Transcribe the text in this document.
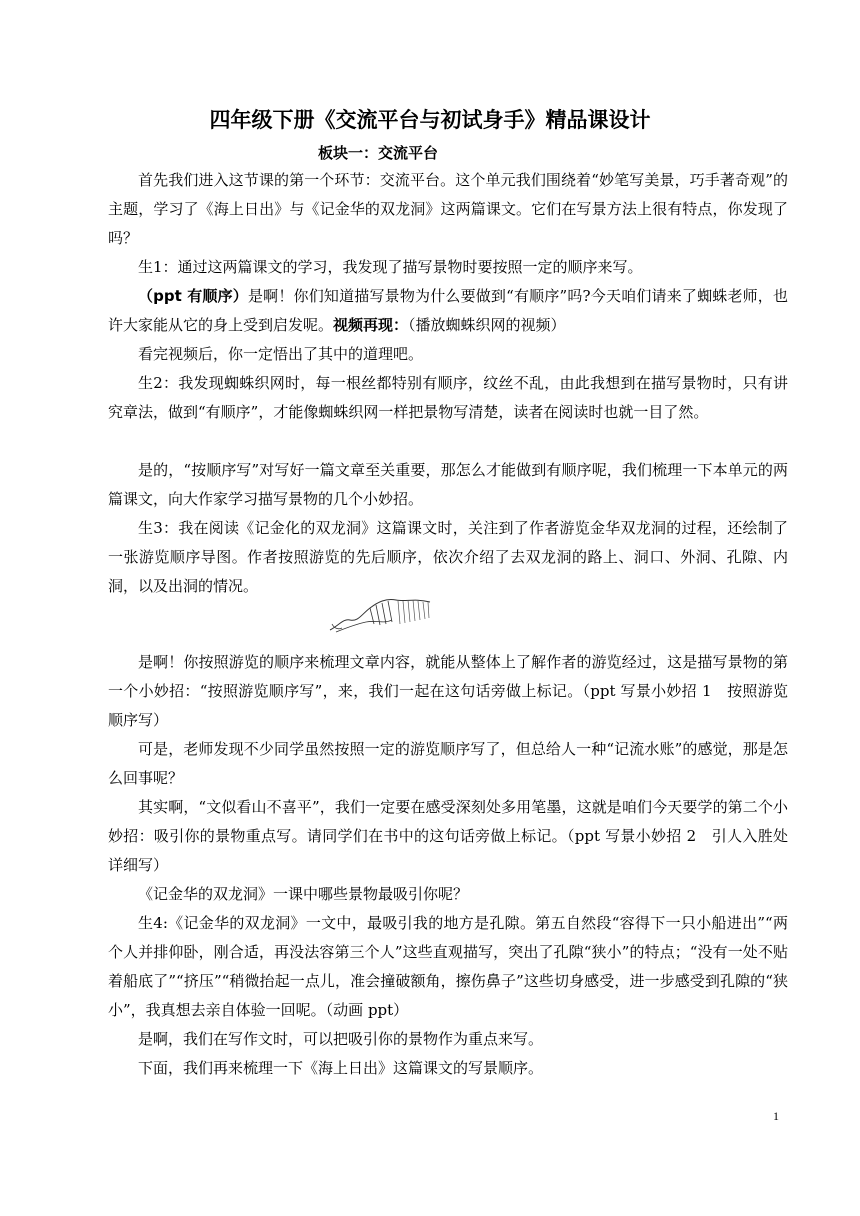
四年级下册《交流平台与初试身手》精品课设计
板块一：交流平台

首先我们进入这节课的第一个环节：交流平台。这个单元我们围绕着“妙笔写美景，巧手著奇观”的主题，学习了《海上日出》与《记金华的双龙洞》这两篇课文。它们在写景方法上很有特点，你发现了吗？

生1：通过这两篇课文的学习，我发现了描写景物时要按照一定的顺序来写。

（ppt 有顺序）是啊！你们知道描写景物为什么要做到“有顺序”吗?今天咱们请来了蜘蛛老师，也许大家能从它的身上受到启发呢。视频再现：（播放蜘蛛织网的视频）

看完视频后，你一定悟出了其中的道理吧。

生2：我发现蜘蛛织网时，每一根丝都特别有顺序，纹丝不乱，由此我想到在描写景物时，只有讲究章法，做到“有顺序”，才能像蜘蛛织网一样把景物写清楚，读者在阅读时也就一目了然。

是的，“按顺序写”对写好一篇文章至关重要，那怎么才能做到有顺序呢，我们梳理一下本单元的两篇课文，向大作家学习描写景物的几个小妙招。

生3：我在阅读《记金化的双龙洞》这篇课文时，关注到了作者游览金华双龙洞的过程，还绘制了一张游览顺序导图。作者按照游览的先后顺序，依次介绍了去双龙洞的路上、洞口、外洞、孔隙、内洞，以及出洞的情况。

是啊！你按照游览的顺序来梳理文章内容，就能从整体上了解作者的游览经过，这是描写景物的第一个小妙招：“按照游览顺序写”，来，我们一起在这句话旁做上标记。（ppt 写景小妙招 1　按照游览顺序写）

可是，老师发现不少同学虽然按照一定的游览顺序写了，但总给人一种“记流水账”的感觉，那是怎么回事呢？

其实啊，“文似看山不喜平”，我们一定要在感受深刻处多用笔墨，这就是咱们今天要学的第二个小妙招：吸引你的景物重点写。请同学们在书中的这句话旁做上标记。（ppt 写景小妙招 2　引人入胜处详细写）

《记金华的双龙洞》一课中哪些景物最吸引你呢？

生4:《记金华的双龙洞》一文中，最吸引我的地方是孔隙。第五自然段“容得下一只小船进出”“两个人并排仰卧，刚合适，再没法容第三个人”这些直观描写，突出了孔隙“狭小”的特点；“没有一处不贴着船底了”“挤压”“稍微抬起一点儿，准会撞破额角，擦伤鼻子”这些切身感受，进一步感受到孔隙的“狭小”，我真想去亲自体验一回呢。（动画 ppt）

是啊，我们在写作文时，可以把吸引你的景物作为重点来写。

下面，我们再来梳理一下《海上日出》这篇课文的写景顺序。

1
